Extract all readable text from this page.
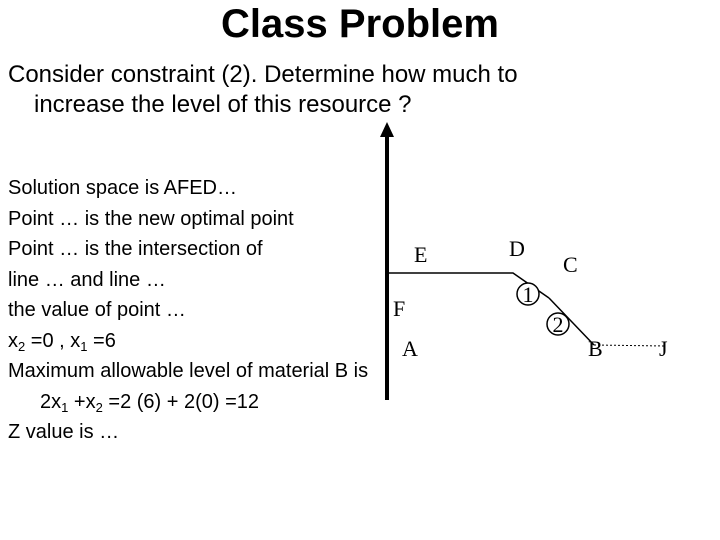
Class Problem
Consider constraint (2). Determine how much to
increase the level of this resource ?
Solution space is AFED…
Point … is the new optimal point
Point … is the intersection of
line … and line …
the value of point …
$x_2 =0$ , $x_1 =6$
Maximum allowable level of material B is
$2x_1 +x_2 =2$ (6) + 2(0) =12
Z value is …
E	D
C
F
A	B	J
1
2
